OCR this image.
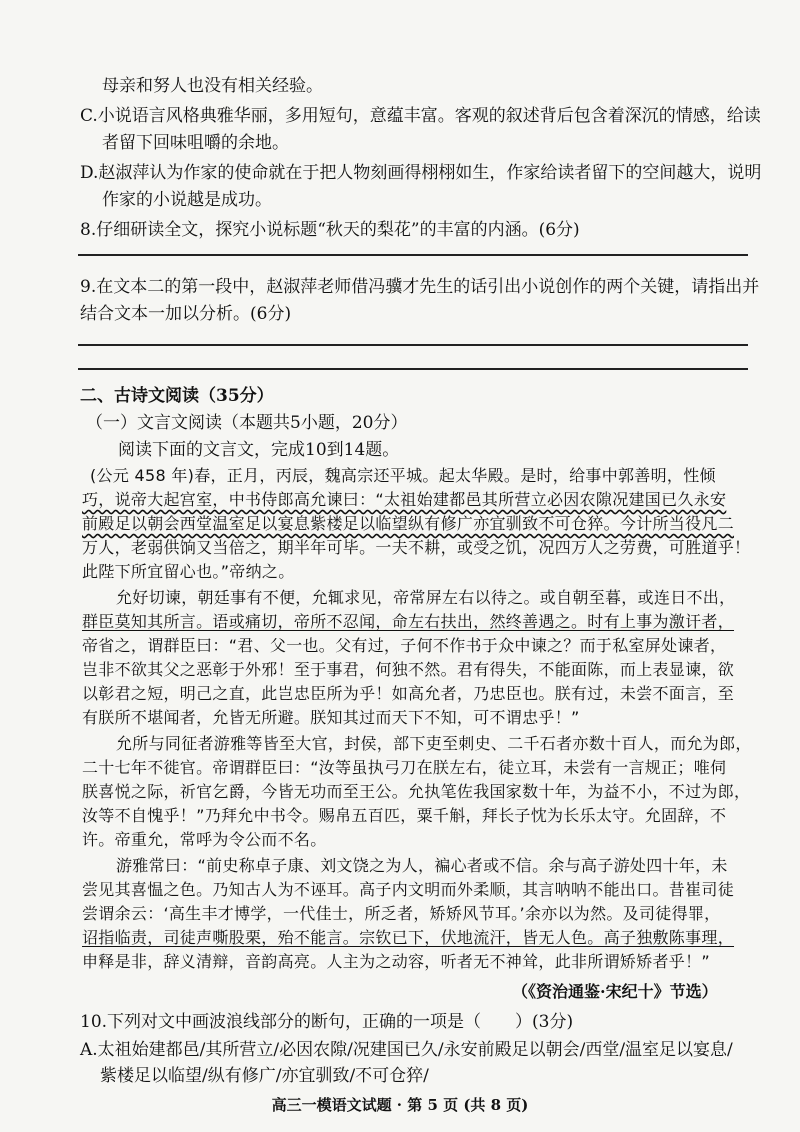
母亲和努人也没有相关经验。
C.小说语言风格典雅华丽，多用短句，意蕴丰富。客观的叙述背后包含着深沉的情感，给读
者留下回味咀嚼的余地。
D.赵淑萍认为作家的使命就在于把人物刻画得栩栩如生，作家给读者留下的空间越大，说明
作家的小说越是成功。
8.仔细研读全文，探究小说标题“秋天的梨花”的丰富的内涵。(6分)
9.在文本二的第一段中，赵淑萍老师借冯骥才先生的话引出小说创作的两个关键，请指出并
结合文本一加以分析。(6分)
二、古诗文阅读（35分）
（一）文言文阅读（本题共5小题，20分）
阅读下面的文言文，完成10到14题。
(公元 458 年)春，正月，丙辰，魏高宗还平城。起太华殿。是时，给事中郭善明，性倾
巧，说帝大起宫室，中书侍郎高允谏曰：“太祖始建都邑其所营立必因农隙况建国已久永安
前殿足以朝会西堂温室足以宴息紫楼足以临望纵有修广亦宜驯致不可仓猝。今计所当役凡二
万人，老弱供饷又当倍之，期半年可毕。一夫不耕，或受之饥，况四万人之劳费，可胜道乎！
此陛下所宜留心也。”帝纳之。
允好切谏，朝廷事有不便，允辄求见，帝常屏左右以待之。或自朝至暮，或连日不出，
群臣莫知其所言。语或痛切，帝所不忍闻，命左右扶出，然终善遇之。时有上事为激讦者，
帝省之，谓群臣曰：“君、父一也。父有过，子何不作书于众中谏之？而于私室屏处谏者，
岂非不欲其父之恶彰于外邪！至于事君，何独不然。君有得失，不能面陈，而上表显谏，欲
以彰君之短，明己之直，此岂忠臣所为乎！如高允者，乃忠臣也。朕有过，未尝不面言，至
有朕所不堪闻者，允皆无所避。朕知其过而天下不知，可不谓忠乎！”
允所与同征者游雅等皆至大官，封侯，部下吏至刺史、二千石者亦数十百人，而允为郎，
二十七年不徙官。帝谓群臣曰：“汝等虽执弓刀在朕左右，徒立耳，未尝有一言规正；唯伺
朕喜悦之际，祈官乞爵，今皆无功而至王公。允执笔佐我国家数十年，为益不小，不过为郎，
汝等不自愧乎！”乃拜允中书令。赐帛五百匹，粟千斛，拜长子忱为长乐太守。允固辞，不
许。帝重允，常呼为令公而不名。
游雅常曰：“前史称卓子康、刘文饶之为人，褊心者或不信。余与高子游处四十年，未
尝见其喜愠之色。乃知古人为不诬耳。高子内文明而外柔顺，其言呐呐不能出口。昔崔司徒
尝谓余云：‘高生丰才博学，一代佳士，所乏者，矫矫风节耳。’余亦以为然。及司徒得罪，
诏指临责，司徒声嘶股栗，殆不能言。宗钦已下，伏地流汗，皆无人色。高子独敷陈事理，
申释是非，辞义清辩，音韵高亮。人主为之动容，听者无不神耸，此非所谓矫矫者乎！”
（《资治通鉴·宋纪十》节选）
10.下列对文中画波浪线部分的断句，正确的一项是（　　）(3分)
A.太祖始建都邑/其所营立/必因农隙/况建国已久/永安前殿足以朝会/西堂/温室足以宴息/
紫楼足以临望/纵有修广/亦宜驯致/不可仓猝/
高三一模语文试题 · 第 5 页 (共 8 页)
